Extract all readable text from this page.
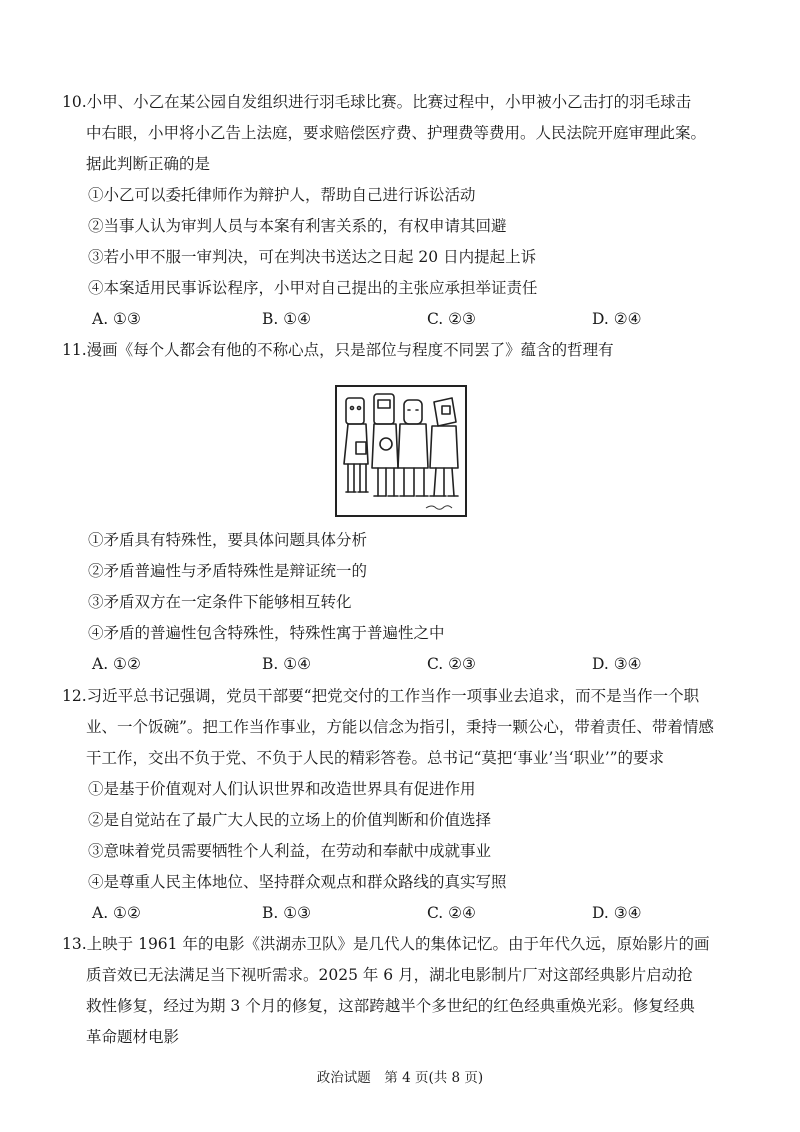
10.小甲、小乙在某公园自发组织进行羽毛球比赛。比赛过程中，小甲被小乙击打的羽毛球击
中右眼，小甲将小乙告上法庭，要求赔偿医疗费、护理费等费用。人民法院开庭审理此案。
据此判断正确的是
①小乙可以委托律师作为辩护人，帮助自己进行诉讼活动
②当事人认为审判人员与本案有利害关系的，有权申请其回避
③若小甲不服一审判决，可在判决书送达之日起 20 日内提起上诉
④本案适用民事诉讼程序，小甲对自己提出的主张应承担举证责任
A. ①③	B. ①④	C. ②③	D. ②④
11.漫画《每个人都会有他的不称心点，只是部位与程度不同罢了》蕴含的哲理有
①矛盾具有特殊性，要具体问题具体分析
②矛盾普遍性与矛盾特殊性是辩证统一的
③矛盾双方在一定条件下能够相互转化
④矛盾的普遍性包含特殊性，特殊性寓于普遍性之中
A. ①②	B. ①④	C. ②③	D. ③④
12.习近平总书记强调，党员干部要“把党交付的工作当作一项事业去追求，而不是当作一个职
业、一个饭碗”。把工作当作事业，方能以信念为指引，秉持一颗公心，带着责任、带着情感
干工作，交出不负于党、不负于人民的精彩答卷。总书记“莫把‘事业’当‘职业’”的要求
①是基于价值观对人们认识世界和改造世界具有促进作用
②是自觉站在了最广大人民的立场上的价值判断和价值选择
③意味着党员需要牺牲个人利益，在劳动和奉献中成就事业
④是尊重人民主体地位、坚持群众观点和群众路线的真实写照
A. ①②	B. ①③	C. ②④	D. ③④
13.上映于 1961 年的电影《洪湖赤卫队》是几代人的集体记忆。由于年代久远，原始影片的画
质音效已无法满足当下视听需求。2025 年 6 月，湖北电影制片厂对这部经典影片启动抢
救性修复，经过为期 3 个月的修复，这部跨越半个多世纪的红色经典重焕光彩。修复经典
革命题材电影
政治试题　第 4 页(共 8 页)
